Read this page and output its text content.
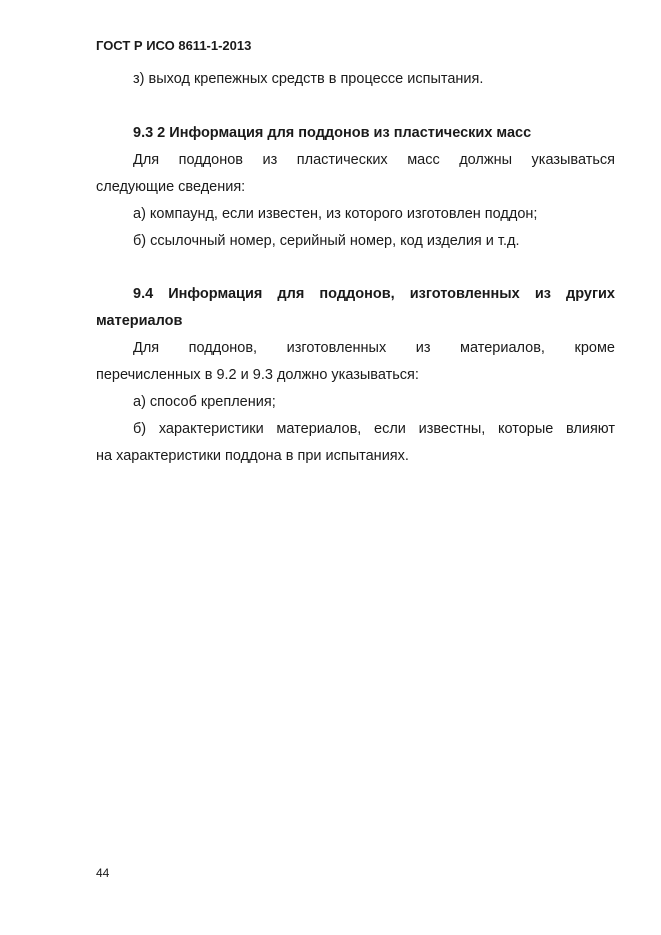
ГОСТ Р ИСО 8611-1-2013
з) выход крепежных средств в процессе испытания.
9.3 2 Информация для поддонов из пластических масс
Для поддонов из пластических масс должны указываться
следующие сведения:
а) компаунд, если известен, из которого изготовлен поддон;
б) ссылочный номер, серийный номер, код изделия и т.д.
9.4 Информация для поддонов, изготовленных из других
материалов
Для поддонов, изготовленных из материалов, кроме
перечисленных в 9.2 и 9.3 должно указываться:
а) способ крепления;
б) характеристики материалов, если известны, которые влияют
на характеристики поддона в при испытаниях.
44
